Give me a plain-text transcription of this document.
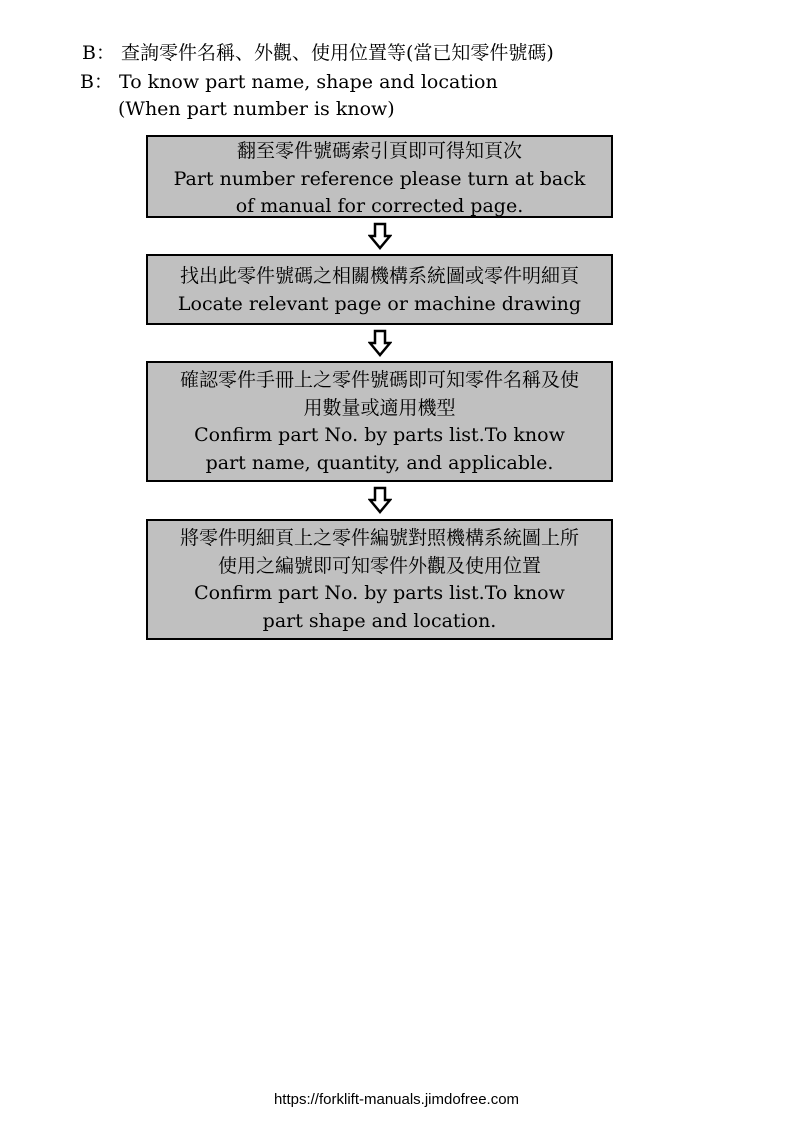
B： 查詢零件名稱、外觀、使用位置等(當已知零件號碼)
B： To know part name, shape and location
(When part number is know)
翻至零件號碼索引頁即可得知頁次
Part number reference please turn at back
of manual for corrected page.
找出此零件號碼之相關機構系統圖或零件明細頁
Locate relevant page or machine drawing
確認零件手冊上之零件號碼即可知零件名稱及使
用數量或適用機型
Confirm part No. by parts list.To know
part name, quantity, and applicable.
將零件明細頁上之零件編號對照機構系統圖上所
使用之編號即可知零件外觀及使用位置
Confirm part No. by parts list.To know
part shape and location.
https://forklift-manuals.jimdofree.com
